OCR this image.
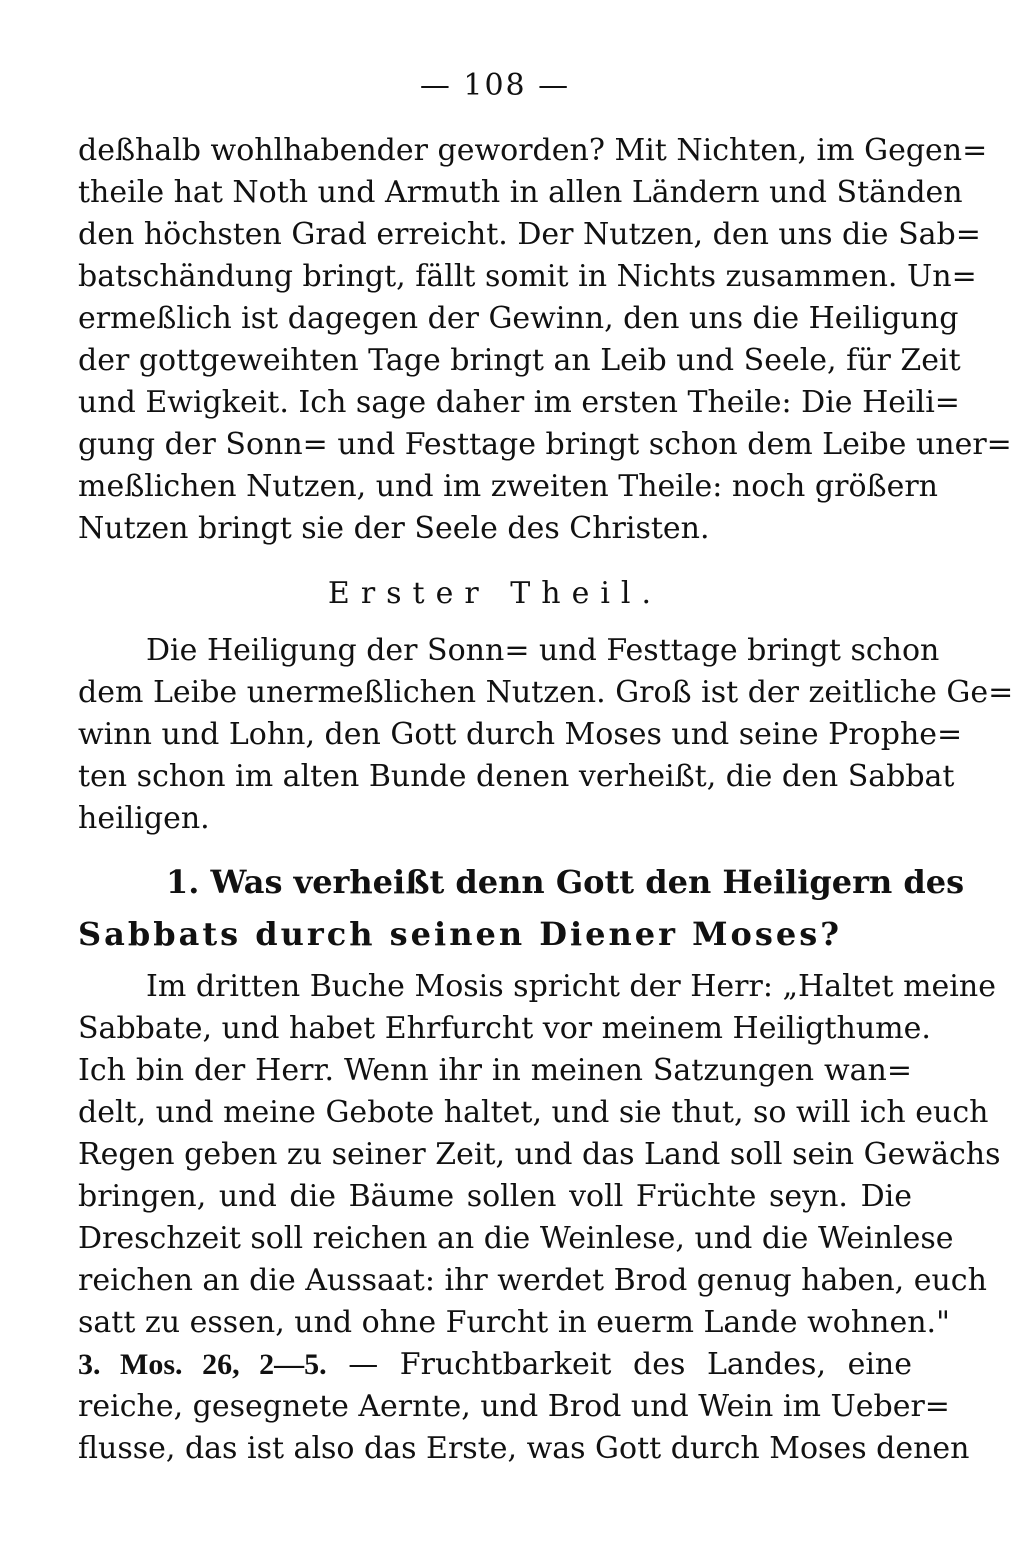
— 108 —
deßhalb wohlhabender geworden? Mit Nichten, im Gegen=
theile hat Noth und Armuth in allen Ländern und Ständen
den höchsten Grad erreicht. Der Nutzen, den uns die Sab=
batschändung bringt, fällt somit in Nichts zusammen. Un=
ermeßlich ist dagegen der Gewinn, den uns die Heiligung
der gottgeweihten Tage bringt an Leib und Seele, für Zeit
und Ewigkeit. Ich sage daher im ersten Theile: Die Heili=
gung der Sonn= und Festtage bringt schon dem Leibe uner=
meßlichen Nutzen, und im zweiten Theile: noch größern
Nutzen bringt sie der Seele des Christen.
Erster Theil.
Die Heiligung der Sonn= und Festtage bringt schon
dem Leibe unermeßlichen Nutzen. Groß ist der zeitliche Ge=
winn und Lohn, den Gott durch Moses und seine Prophe=
ten schon im alten Bunde denen verheißt, die den Sabbat
heiligen.
1. Was verheißt denn Gott den Heiligern des
Sabbats durch seinen Diener Moses?
Im dritten Buche Mosis spricht der Herr: „Haltet meine
Sabbate, und habet Ehrfurcht vor meinem Heiligthume.
Ich bin der Herr. Wenn ihr in meinen Satzungen wan=
delt, und meine Gebote haltet, und sie thut, so will ich euch
Regen geben zu seiner Zeit, und das Land soll sein Gewächs
bringen, und die Bäume sollen voll Früchte seyn. Die
Dreschzeit soll reichen an die Weinlese, und die Weinlese
reichen an die Aussaat: ihr werdet Brod genug haben, euch
satt zu essen, und ohne Furcht in euerm Lande wohnen."
3. Mos. 26, 2—5. — Fruchtbarkeit des Landes, eine
reiche, gesegnete Aernte, und Brod und Wein im Ueber=
flusse, das ist also das Erste, was Gott durch Moses denen
